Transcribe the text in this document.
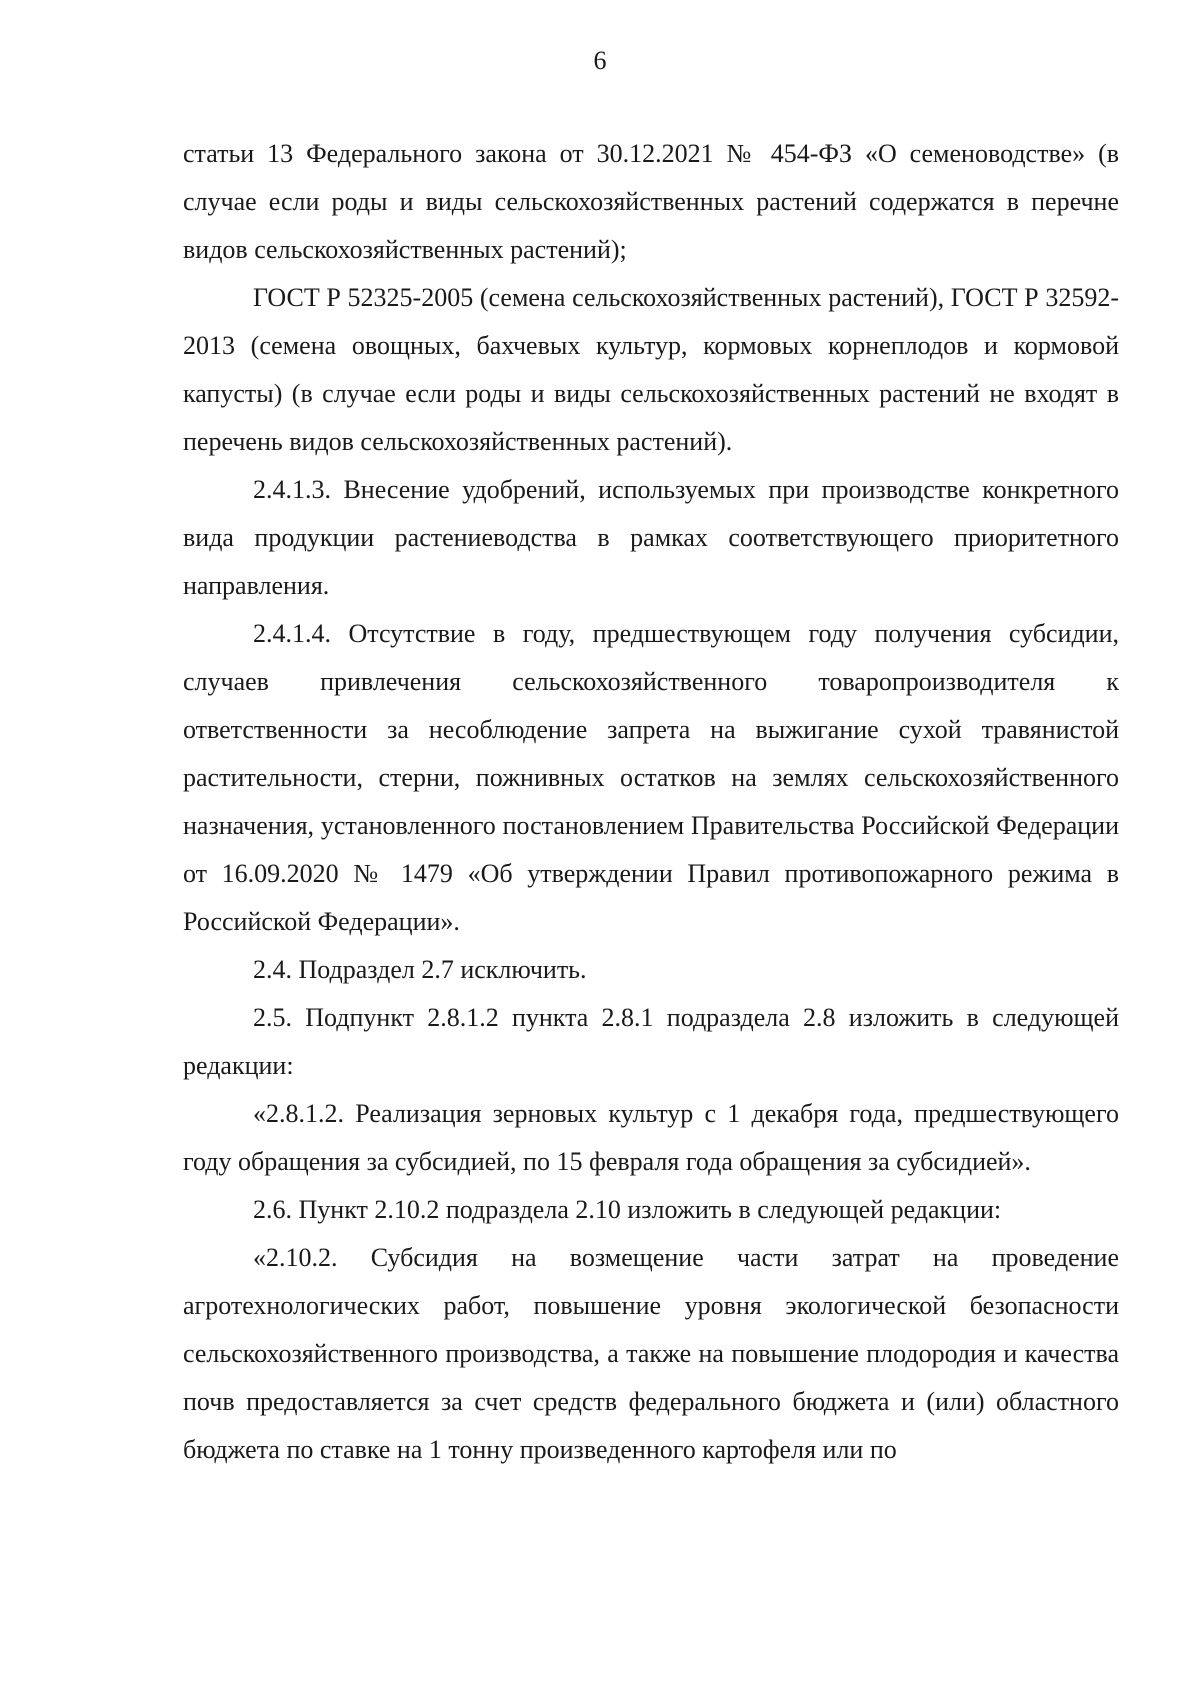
6

статьи 13 Федерального закона от 30.12.2021 № 454-ФЗ «О семеноводстве» (в случае если роды и виды сельскохозяйственных растений содержатся в перечне видов сельскохозяйственных растений);

ГОСТ Р 52325-2005 (семена сельскохозяйственных растений), ГОСТ Р 32592-2013 (семена овощных, бахчевых культур, кормовых корнеплодов и кормовой капусты) (в случае если роды и виды сельскохозяйственных растений не входят в перечень видов сельскохозяйственных растений).

2.4.1.3. Внесение удобрений, используемых при производстве конкретного вида продукции растениеводства в рамках соответствующего приоритетного направления.

2.4.1.4. Отсутствие в году, предшествующем году получения субсидии, случаев привлечения сельскохозяйственного товаропроизводителя к ответственности за несоблюдение запрета на выжигание сухой травянистой растительности, стерни, пожнивных остатков на землях сельскохозяйственного назначения, установленного постановлением Правительства Российской Федерации от 16.09.2020 № 1479 «Об утверждении Правил противопожарного режима в Российской Федерации».

2.4. Подраздел 2.7 исключить.

2.5. Подпункт 2.8.1.2 пункта 2.8.1 подраздела 2.8 изложить в следующей редакции:

«2.8.1.2. Реализация зерновых культур с 1 декабря года, предшествующего году обращения за субсидией, по 15 февраля года обращения за субсидией».

2.6. Пункт 2.10.2 подраздела 2.10 изложить в следующей редакции:

«2.10.2. Субсидия на возмещение части затрат на проведение агротехнологических работ, повышение уровня экологической безопасности сельскохозяйственного производства, а также на повышение плодородия и качества почв предоставляется за счет средств федерального бюджета и (или) областного бюджета по ставке на 1 тонну произведенного картофеля или по
